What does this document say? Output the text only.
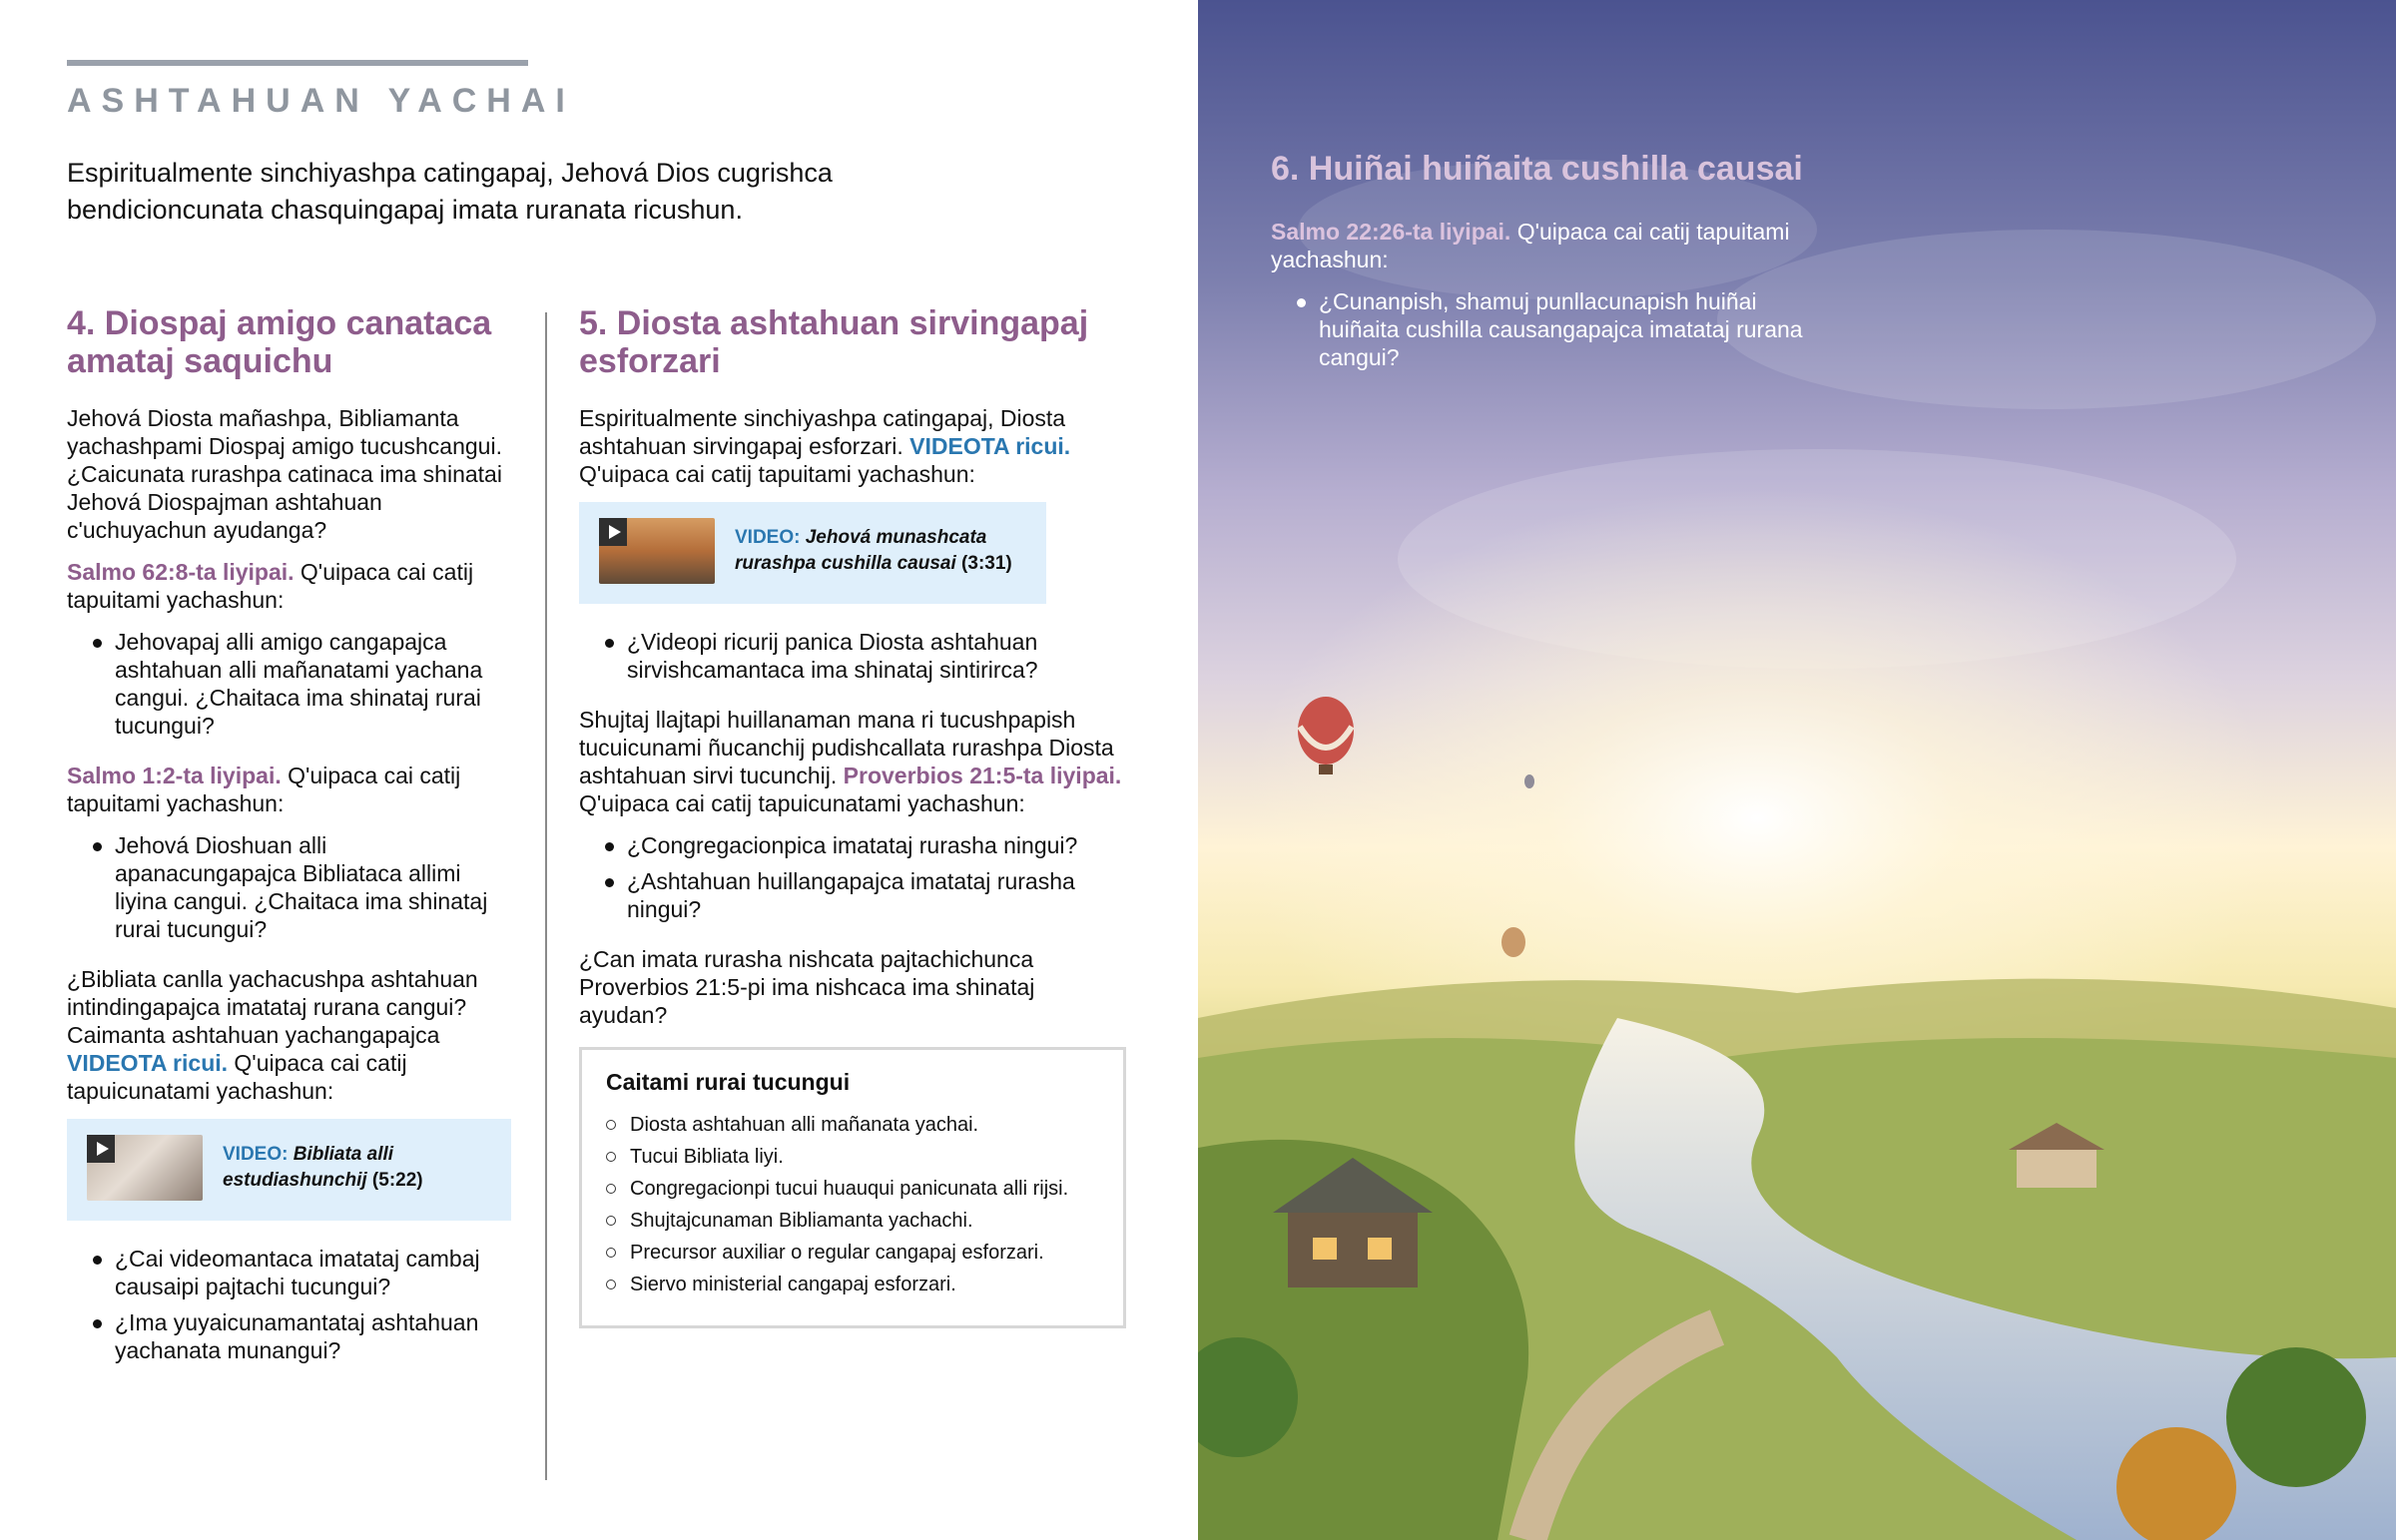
ASHTAHUAN YACHAI
Espiritualmente sinchiyashpa catingapaj, Jehová Dios cugrishca bendicioncunata chasquingapaj imata ruranata ricushun.
4. Diospaj amigo canataca amataj saquichu

Jehová Diosta mañashpa, Bibliamanta yachashpami Diospaj amigo tucushcangui. ¿Caicunata rurashpa catinaca ima shinatai Jehová Diospajman ashtahuan c'uchuyachun ayudanga?

Salmo 62:8-ta liyipai. Q'uipaca cai catij tapuitami yachashun:

Jehovapaj alli amigo cangapajca ashtahuan alli mañanatami yachana cangui. ¿Chaitaca ima shinataj rurai tucungui?

Salmo 1:2-ta liyipai. Q'uipaca cai catij tapuitami yachashun:

Jehová Dioshuan alli apanacungapajca Bibliataca allimi liyina cangui. ¿Chaitaca ima shinataj rurai tucungui?

¿Bibliata canlla yachacushpa ashtahuan intindingapajca imatataj rurana cangui? Caimanta ashtahuan yachangapajca VIDEOTA ricui. Q'uipaca cai catij tapuicunatami yachashun:

VIDEO: Bibliata alli estudiashunchij (5:22)
¿Cai videomantaca imatataj cambaj causaipi pajtachi tucungui?
¿Ima yuyaicunamantataj ashtahuan yachanata munangui?
5. Diosta ashtahuan sirvingapaj esforzari

Espiritualmente sinchiyashpa catingapaj, Diosta ashtahuan sirvingapaj esforzari. VIDEOTA ricui. Q'uipaca cai catij tapuitami yachashun:

VIDEO: Jehová munashcata rurashpa cushilla causai (3:31)
¿Videopi ricurij panica Diosta ashtahuan sirvishcamantaca ima shinataj sintirirca?

Shujtaj llajtapi huillanaman mana ri tucushpapish tucuicunami ñucanchij pudishcallata rurashpa Diosta ashtahuan sirvi tucunchij. Proverbios 21:5-ta liyipai. Q'uipaca cai catij tapuicunatami yachashun:

¿Congregacionpica imatataj rurasha ningui?
¿Ashtahuan huillangapajca imatataj rurasha ningui?

¿Can imata rurasha nishcata pajtachichunca Proverbios 21:5-pi ima nishcaca ima shinataj ayudan?

Caitami rurai tucungui
Diosta ashtahuan alli mañanata yachai.
Tucui Bibliata liyi.
Congregacionpi tucui huauqui panicunata alli rijsi.
Shujtajcunaman Bibliamanta yachachi.
Precursor auxiliar o regular cangapaj esforzari.
Siervo ministerial cangapaj esforzari.
6. Huiñai huiñaita cushilla causai
Salmo 22:26-ta liyipai. Q'uipaca cai catij tapuitami yachashun:
¿Cunanpish, shamuj punllacunapish huiñai huiñaita cushilla causangapajca imatataj rurana cangui?
